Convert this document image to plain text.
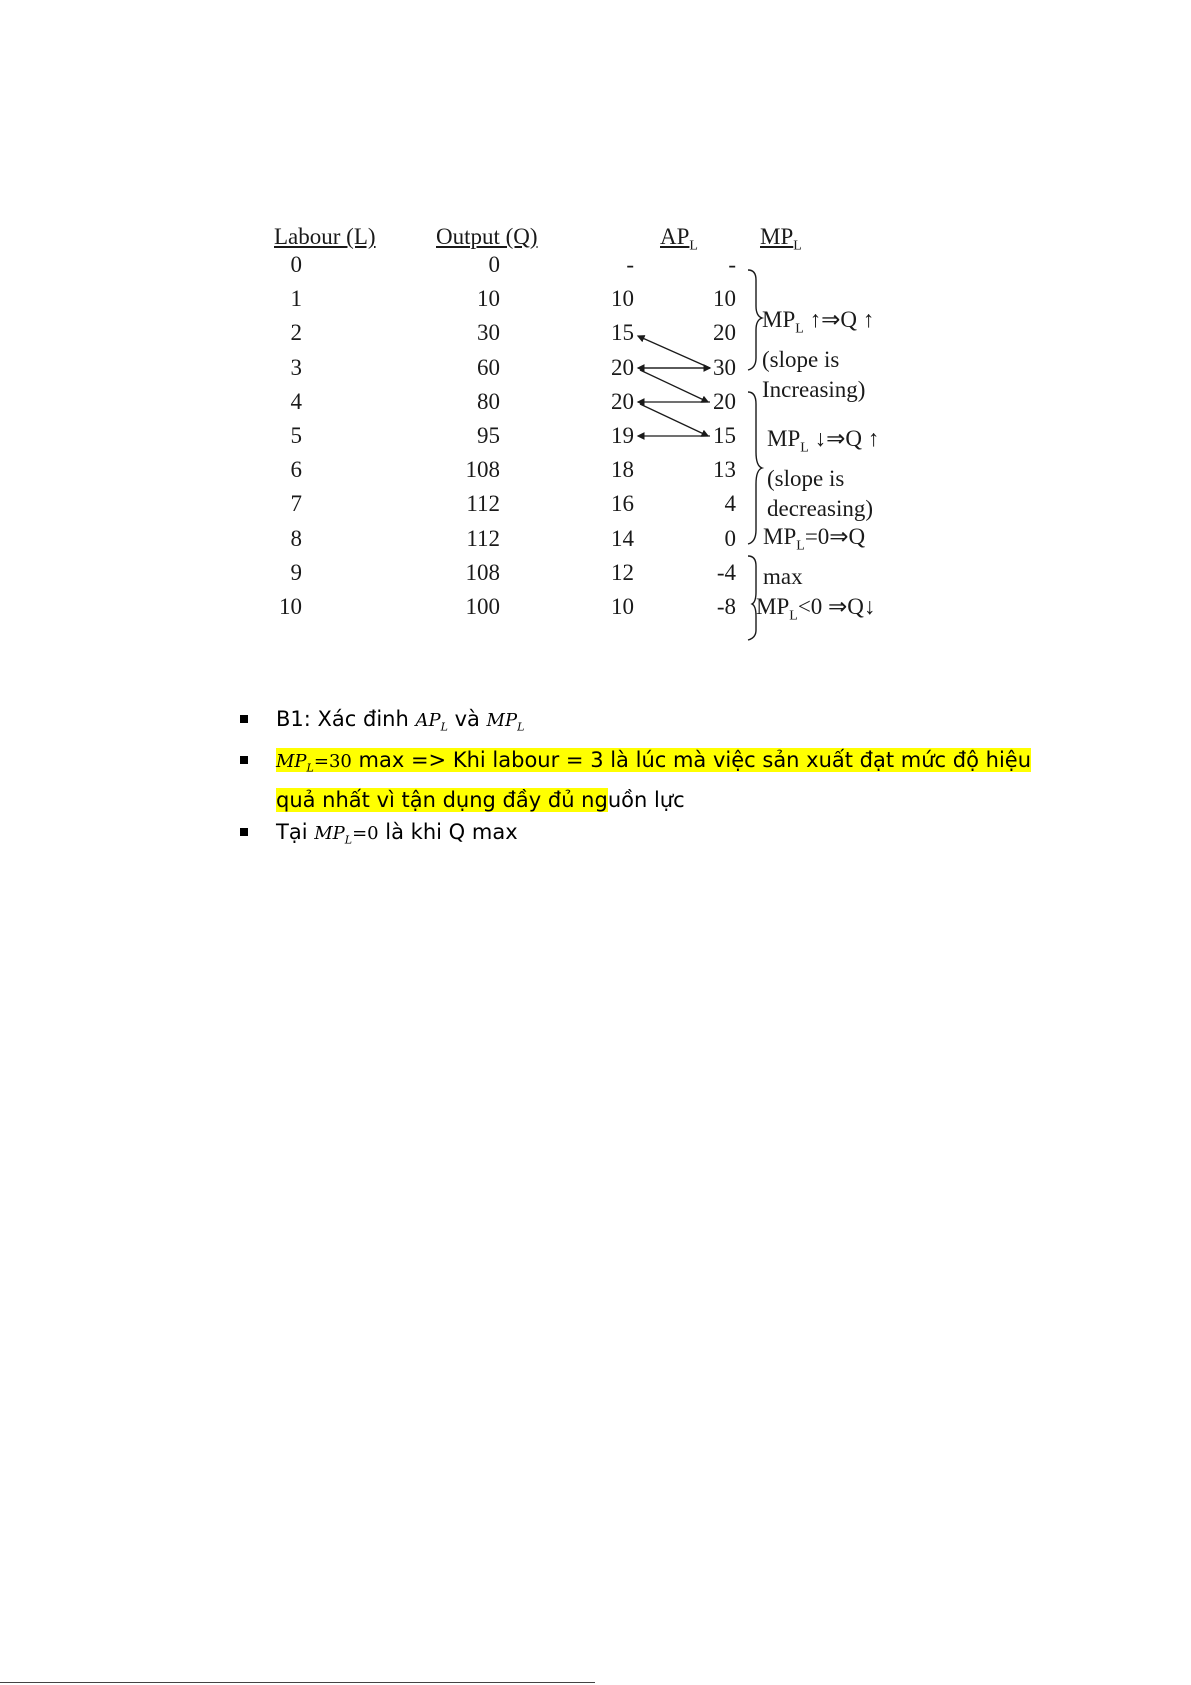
Labour (L)	Output (Q)	$AP_L$	$MP_L$
0	0	-	-
1	10	10	10
2	30	15	20
3	60	20	30
4	80	20	20
5	95	19	15
6	108	18	13
7	112	16	4
8	112	14	0
9	108	12	-4
10	100	10	-8
$MP_L$ ↑⇒Q ↑
(slope is
Increasing)
$MP_L$ ↓⇒Q ↑
(slope is
decreasing)
$MP_L=0\Rightarrow Q$
max
$MP_L<0$ ⇒Q↓
B1: Xác đinh $AP_L$ và $MP_L$
$MP_L=30$ max => Khi labour = 3 là lúc mà việc sản xuất đạt mức độ hiệu quả nhất vì tận dụng đầy đủ nguồn lực
Tại $MP_L=0$ là khi Q max
